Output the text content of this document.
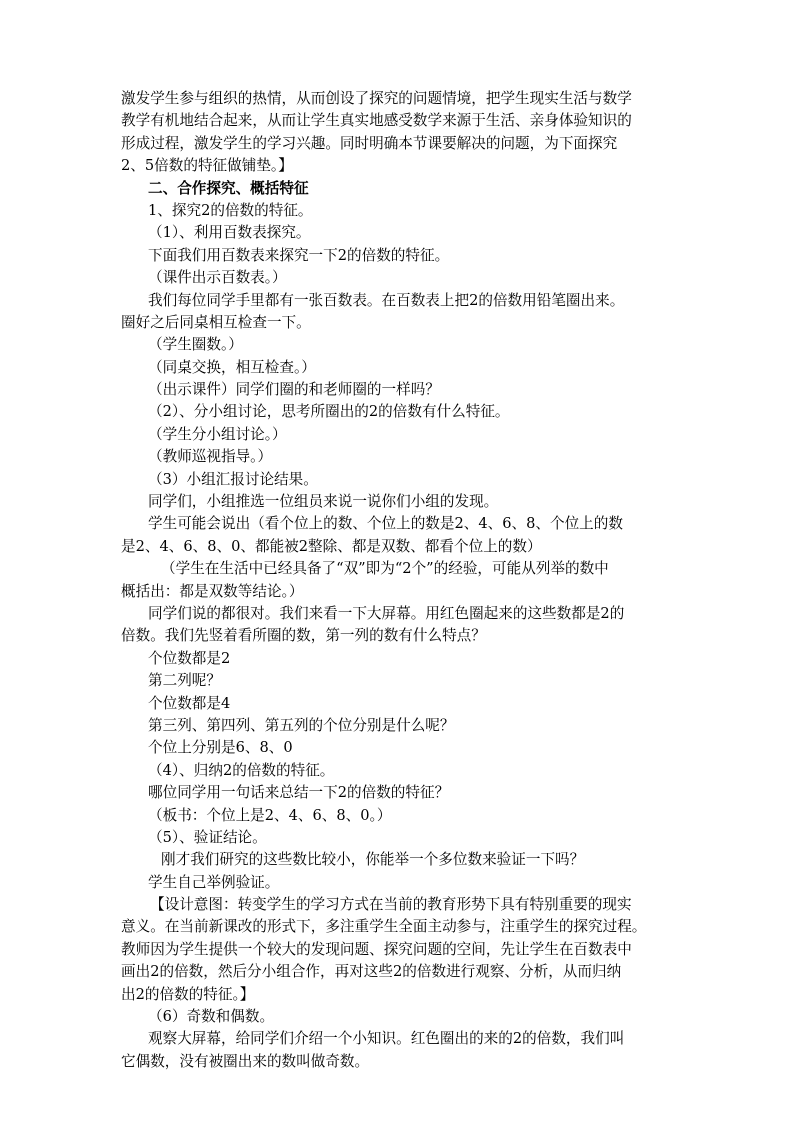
激发学生参与组织的热情，从而创设了探究的问题情境，把学生现实生活与数学
教学有机地结合起来，从而让学生真实地感受数学来源于生活、亲身体验知识的
形成过程，激发学生的学习兴趣。同时明确本节课要解决的问题，为下面探究
2、5倍数的特征做铺垫。】
二、合作探究、概括特征
1、探究2的倍数的特征。
（1）、利用百数表探究。
下面我们用百数表来探究一下2的倍数的特征。
（课件出示百数表。）
我们每位同学手里都有一张百数表。在百数表上把2的倍数用铅笔圈出来。
圈好之后同桌相互检查一下。
（学生圈数。）
（同桌交换，相互检查。）
（出示课件）同学们圈的和老师圈的一样吗？
（2）、分小组讨论，思考所圈出的2的倍数有什么特征。
（学生分小组讨论。）
（教师巡视指导。）
（3）小组汇报讨论结果。
同学们，小组推选一位组员来说一说你们小组的发现。
学生可能会说出（看个位上的数、个位上的数是2、4、6、8、个位上的数
是2、4、6、8、0、都能被2整除、都是双数、都看个位上的数）
（学生在生活中已经具备了“双”即为“2个”的经验，可能从列举的数中
概括出：都是双数等结论。）
同学们说的都很对。我们来看一下大屏幕。用红色圈起来的这些数都是2的
倍数。我们先竖着看所圈的数，第一列的数有什么特点？
个位数都是2
第二列呢？
个位数都是4
第三列、第四列、第五列的个位分别是什么呢？
个位上分别是6、8、0
（4）、归纳2的倍数的特征。
哪位同学用一句话来总结一下2的倍数的特征？
（板书：个位上是2、4、6、8、0。）
（5）、验证结论。
刚才我们研究的这些数比较小，你能举一个多位数来验证一下吗？
学生自己举例验证。
【设计意图：转变学生的学习方式在当前的教育形势下具有特别重要的现实
意义。在当前新课改的形式下，多注重学生全面主动参与，注重学生的探究过程。
教师因为学生提供一个较大的发现问题、探究问题的空间，先让学生在百数表中
画出2的倍数，然后分小组合作，再对这些2的倍数进行观察、分析，从而归纳
出2的倍数的特征。】
（6）奇数和偶数。
观察大屏幕，给同学们介绍一个小知识。红色圈出的来的2的倍数，我们叫
它偶数，没有被圈出来的数叫做奇数。
